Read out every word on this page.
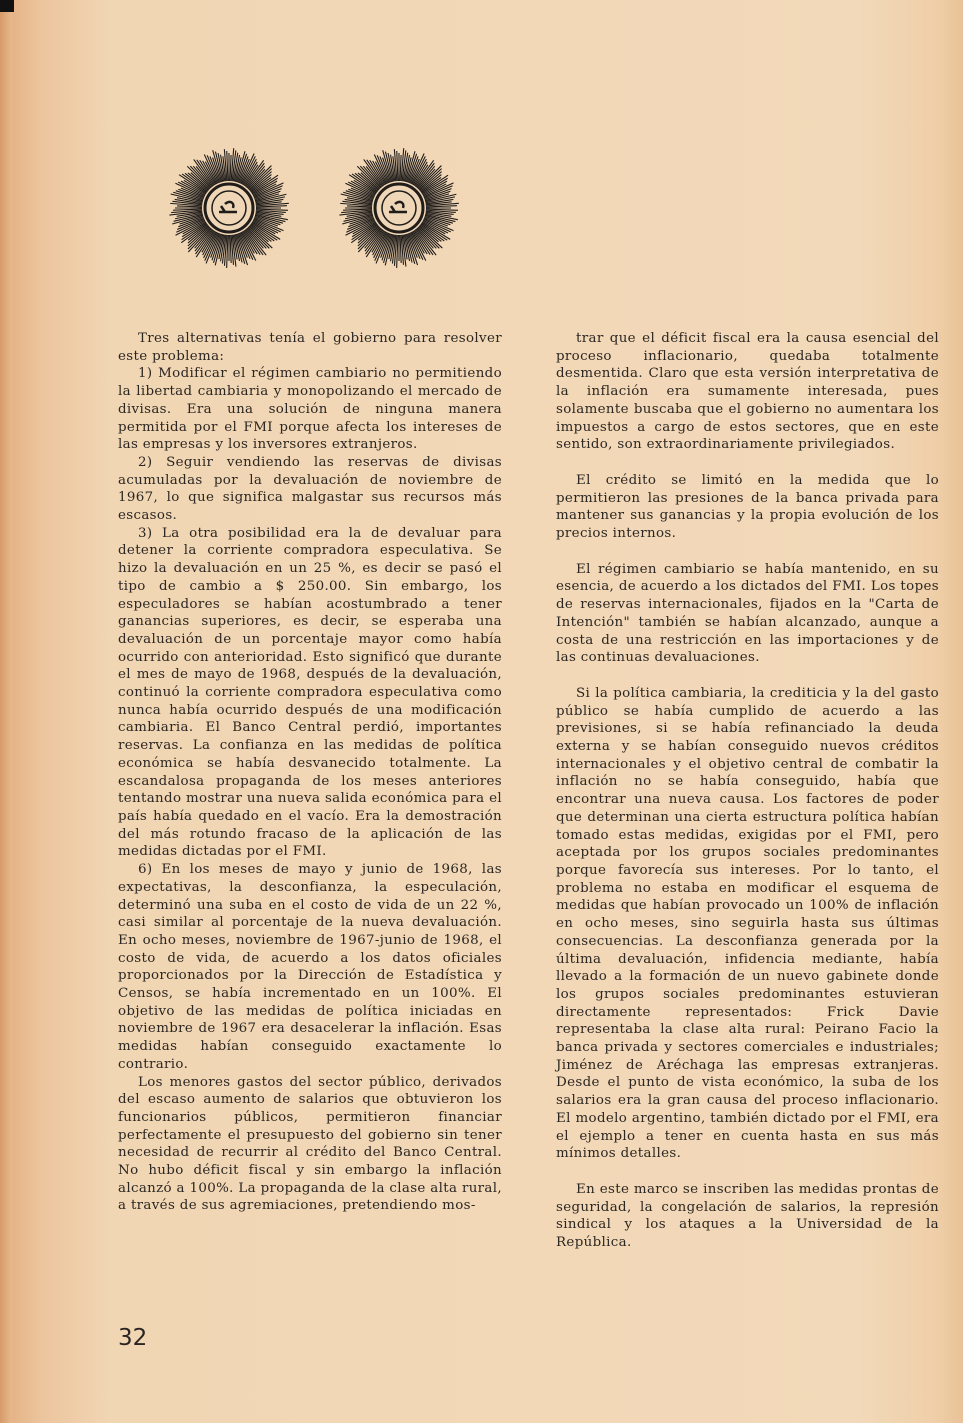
Tres alternativas tenía el gobierno para resolver este problema:

1) Modificar el régimen cambiario no permitiendo la libertad cambiaria y monopolizando el mercado de divisas. Era una solución de ninguna manera permitida por el FMI porque afecta los intereses de las empresas y los inversores extranjeros.

2) Seguir vendiendo las reservas de divisas acumuladas por la devaluación de noviembre de 1967, lo que significa malgastar sus recursos más escasos.

3) La otra posibilidad era la de devaluar para detener la corriente compradora especulativa. Se hizo la devaluación en un 25 %, es decir se pasó el tipo de cambio a $ 250.00. Sin embargo, los especuladores se habían acostumbrado a tener ganancias superiores, es decir, se esperaba una devaluación de un porcentaje mayor como había ocurrido con anterioridad. Esto significó que durante el mes de mayo de 1968, después de la devaluación, continuó la corriente compradora especulativa como nunca había ocurrido después de una modificación cambiaria. El Banco Central perdió, importantes reservas. La confianza en las medidas de política económica se había desvanecido totalmente. La escandalosa propaganda de los meses anteriores tentando mostrar una nueva salida económica para el país había quedado en el vacío. Era la demostración del más rotundo fracaso de la aplicación de las medidas dictadas por el FMI.

6) En los meses de mayo y junio de 1968, las expectativas, la desconfianza, la especulación, determinó una suba en el costo de vida de un 22 %, casi similar al porcentaje de la nueva devaluación. En ocho meses, noviembre de 1967-junio de 1968, el costo de vida, de acuerdo a los datos oficiales proporcionados por la Dirección de Estadística y Censos, se había incrementado en un 100%. El objetivo de las medidas de política iniciadas en noviembre de 1967 era desacelerar la inflación. Esas medidas habían conseguido exactamente lo contrario.

Los menores gastos del sector público, derivados del escaso aumento de salarios que obtuvieron los funcionarios públicos, permitieron financiar perfectamente el presupuesto del gobierno sin tener necesidad de recurrir al crédito del Banco Central. No hubo déficit fiscal y sin embargo la inflación alcanzó a 100%. La propaganda de la clase alta rural, a través de sus agremiaciones, pretendiendo mos-

trar que el déficit fiscal era la causa esencial del proceso inflacionario, quedaba totalmente desmentida. Claro que esta versión interpretativa de la inflación era sumamente interesada, pues solamente buscaba que el gobierno no aumentara los impuestos a cargo de estos sectores, que en este sentido, son extraordinariamente privilegiados.

El crédito se limitó en la medida que lo permitieron las presiones de la banca privada para mantener sus ganancias y la propia evolución de los precios internos.

El régimen cambiario se había mantenido, en su esencia, de acuerdo a los dictados del FMI. Los topes de reservas internacionales, fijados en la "Carta de Intención" también se habían alcanzado, aunque a costa de una restricción en las importaciones y de las continuas devaluaciones.

Si la política cambiaria, la crediticia y la del gasto público se había cumplido de acuerdo a las previsiones, si se había refinanciado la deuda externa y se habían conseguido nuevos créditos internacionales y el objetivo central de combatir la inflación no se había conseguido, había que encontrar una nueva causa. Los factores de poder que determinan una cierta estructura política habían tomado estas medidas, exigidas por el FMI, pero aceptada por los grupos sociales predominantes porque favorecía sus intereses. Por lo tanto, el problema no estaba en modificar el esquema de medidas que habían provocado un 100% de inflación en ocho meses, sino seguirla hasta sus últimas consecuencias. La desconfianza generada por la última devaluación, infidencia mediante, había llevado a la formación de un nuevo gabinete donde los grupos sociales predominantes estuvieran directamente representados: Frick Davie representaba la clase alta rural: Peirano Facio la banca privada y sectores comerciales e industriales; Jiménez de Aréchaga las empresas extranjeras. Desde el punto de vista económico, la suba de los salarios era la gran causa del proceso inflacionario. El modelo argentino, también dictado por el FMI, era el ejemplo a tener en cuenta hasta en sus más mínimos detalles.

En este marco se inscriben las medidas prontas de seguridad, la congelación de salarios, la represión sindical y los ataques a la Universidad de la República.

32
